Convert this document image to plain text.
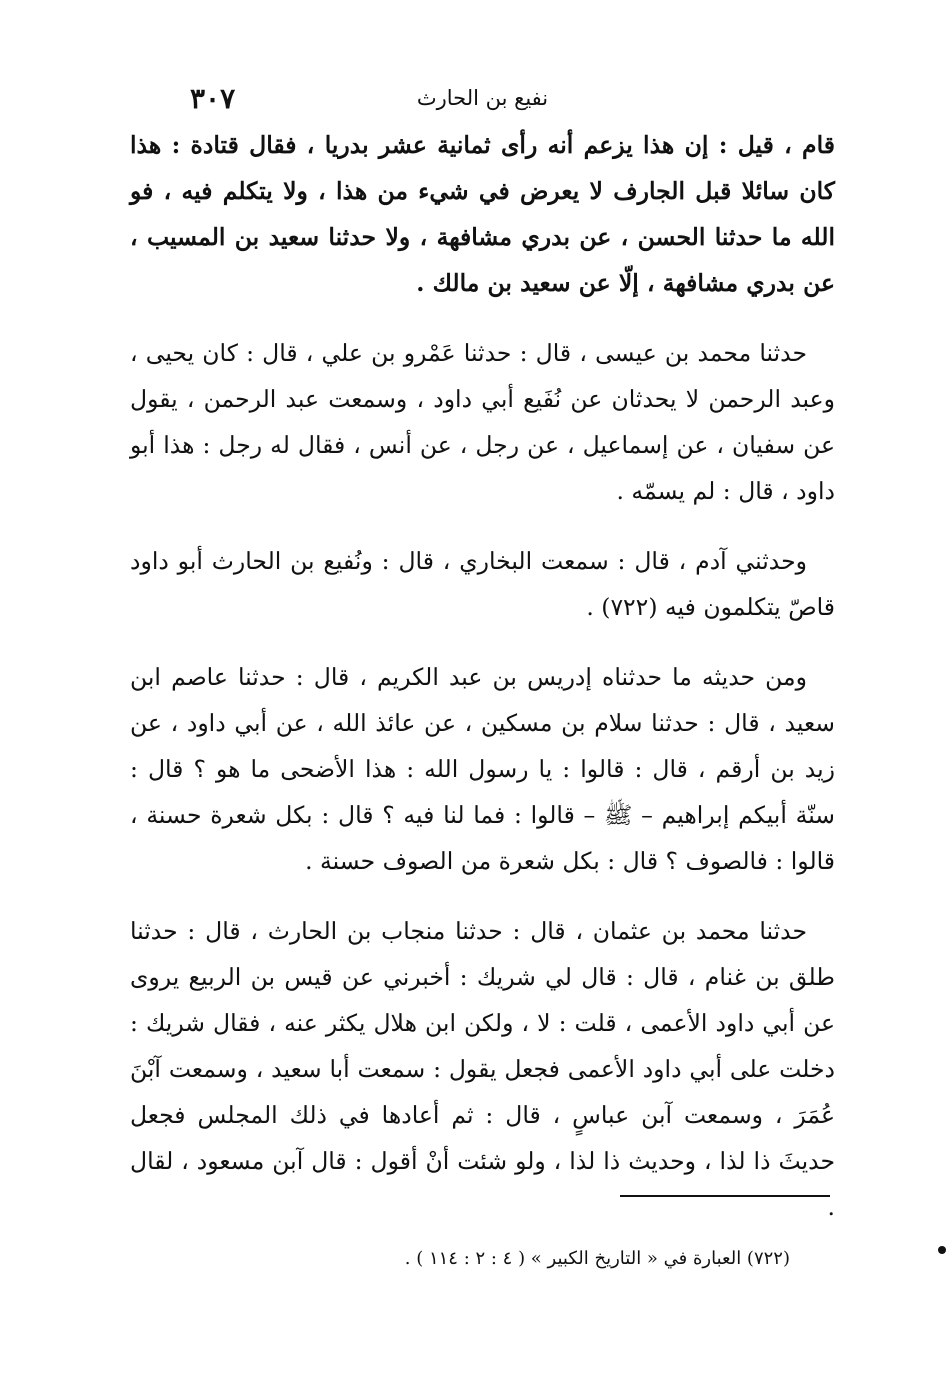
٣٠٧	نفيع بن الحارث

قام ، قيل : إن هذا يزعم أنه رأى ثمانية عشر بدريا ، فقال قتادة : هذا كان سائلا قبل الجارف لا يعرض في شيء من هذا ، ولا يتكلم فيه ، فو الله ما حدثنا الحسن ، عن بدري مشافهة ، ولا حدثنا سعيد بن المسيب ، عن بدري مشافهة ، إلّا عن سعيد بن مالك .

حدثنا محمد بن عيسى ، قال : حدثنا عَمْرو بن علي ، قال : كان يحيى ، وعبد الرحمن لا يحدثان عن نُفَيع أبي داود ، وسمعت عبد الرحمن ، يقول عن سفيان ، عن إسماعيل ، عن رجل ، عن أنس ، فقال له رجل : هذا أبو داود ، قال : لم يسمّه .

وحدثني آدم ، قال : سمعت البخاري ، قال : ونُفيع بن الحارث أبو داود قاصّ يتكلمون فيه (٧٢٢) .

ومن حديثه ما حدثناه إدريس بن عبد الكريم ، قال : حدثنا عاصم ابن سعيد ، قال : حدثنا سلام بن مسكين ، عن عائذ الله ، عن أبي داود ، عن زيد بن أرقم ، قال : قالوا : يا رسول الله : هذا الأضحى ما هو ؟ قال : سنّة أبيكم إبراهيم – ﷺ – قالوا : فما لنا فيه ؟ قال : بكل شعرة حسنة ، قالوا : فالصوف ؟ قال : بكل شعرة من الصوف حسنة .

حدثنا محمد بن عثمان ، قال : حدثنا منجاب بن الحارث ، قال : حدثنا طلق بن غنام ، قال : قال لي شريك : أخبرني عن قيس بن الربيع يروى عن أبي داود الأعمى ، قلت : لا ، ولكن ابن هلال يكثر عنه ، فقال شريك : دخلت على أبي داود الأعمى فجعل يقول : سمعت أبا سعيد ، وسمعت آبْنَ عُمَرَ ، وسمعت آبن عباسٍ ، قال : ثم أعادها في ذلك المجلس فجعل حديثَ ذا لذا ، وحديث ذا لذا ، ولو شئت أنْ أقول : قال آبن مسعود ، لقال .

(٧٢٢) العبارة في « التاريخ الكبير » ( ٤ : ٢ : ١١٤ ) .
